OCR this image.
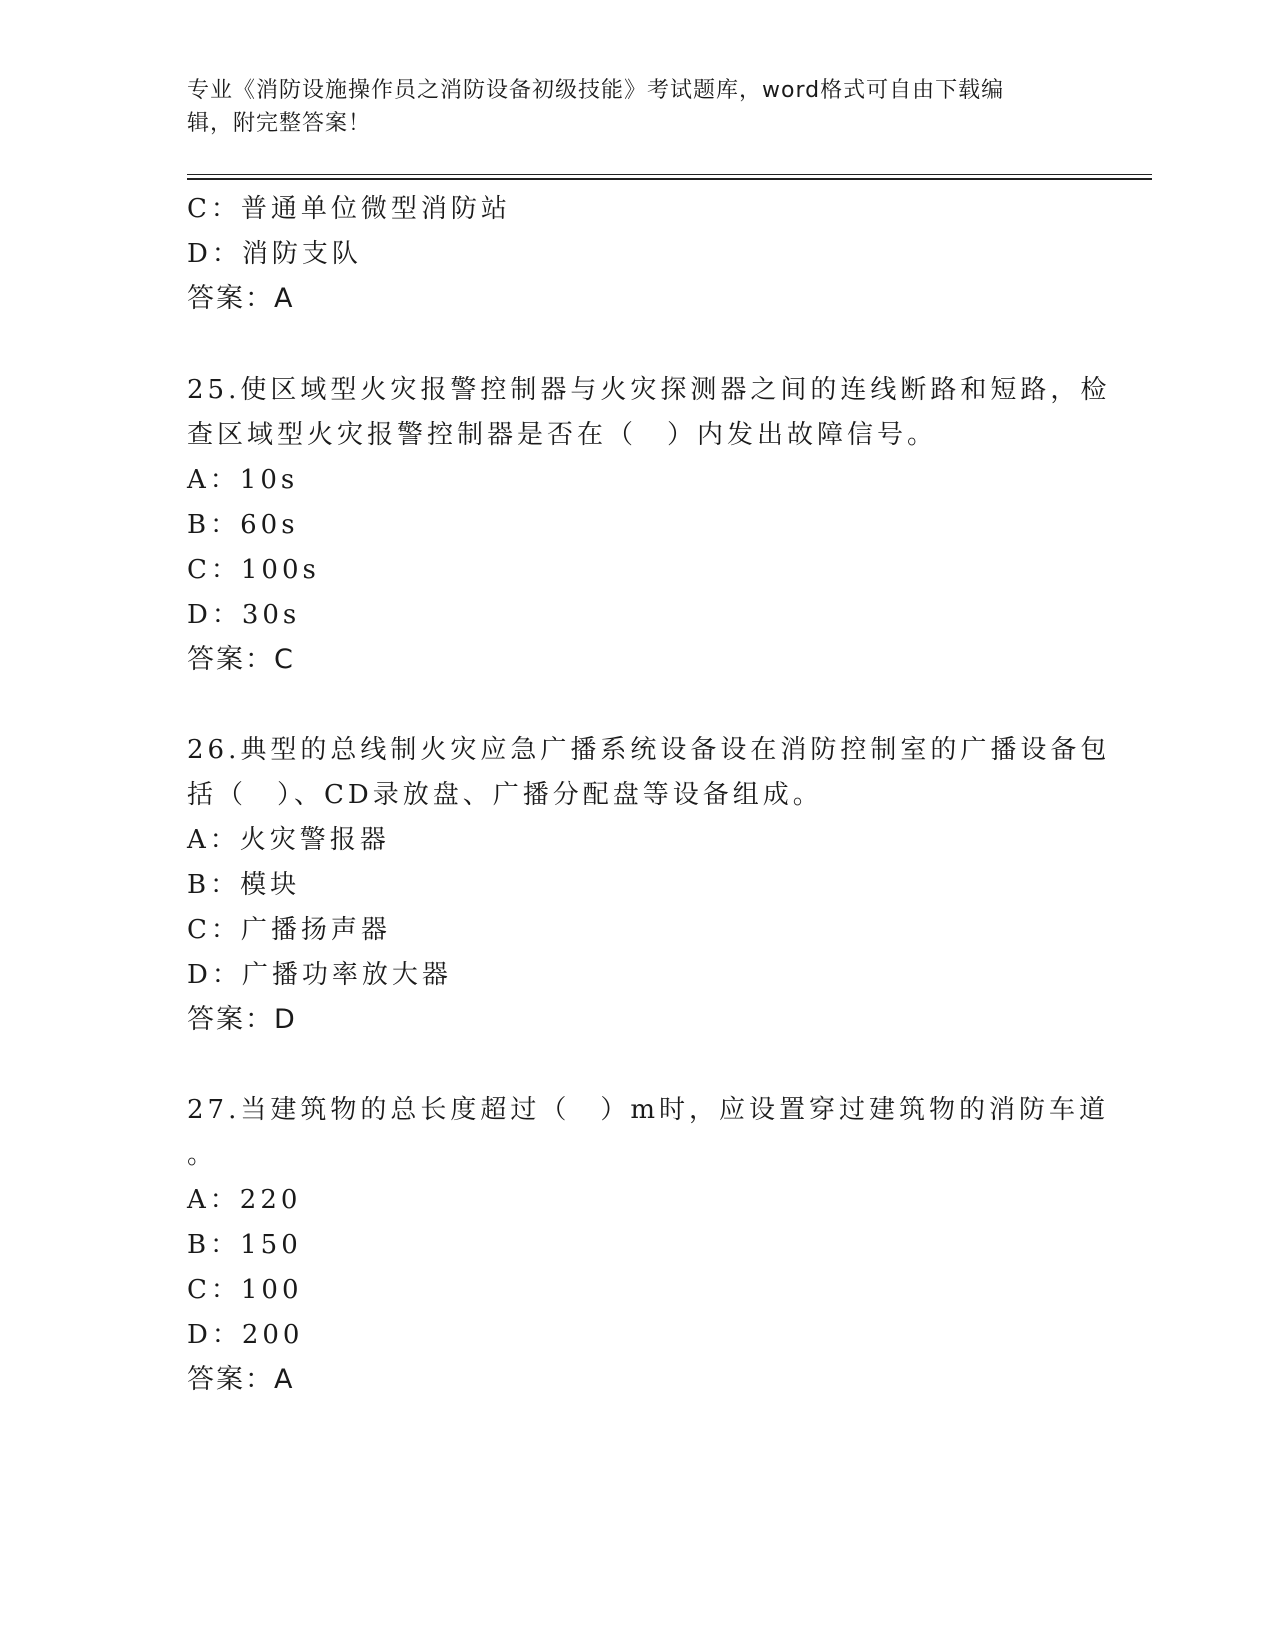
专业《消防设施操作员之消防设备初级技能》考试题库，word格式可自由下载编
辑，附完整答案！
C：普通单位微型消防站
D：消防支队
答案：A
25.使区域型火灾报警控制器与火灾探测器之间的连线断路和短路，检
查区域型火灾报警控制器是否在（　）内发出故障信号。
A：10s
B：60s
C：100s
D：30s
答案：C
26.典型的总线制火灾应急广播系统设备设在消防控制室的广播设备包
括（　）、CD录放盘、广播分配盘等设备组成。
A：火灾警报器
B：模块
C：广播扬声器
D：广播功率放大器
答案：D
27.当建筑物的总长度超过（　）m时，应设置穿过建筑物的消防车道
。
A：220
B：150
C：100
D：200
答案：A
